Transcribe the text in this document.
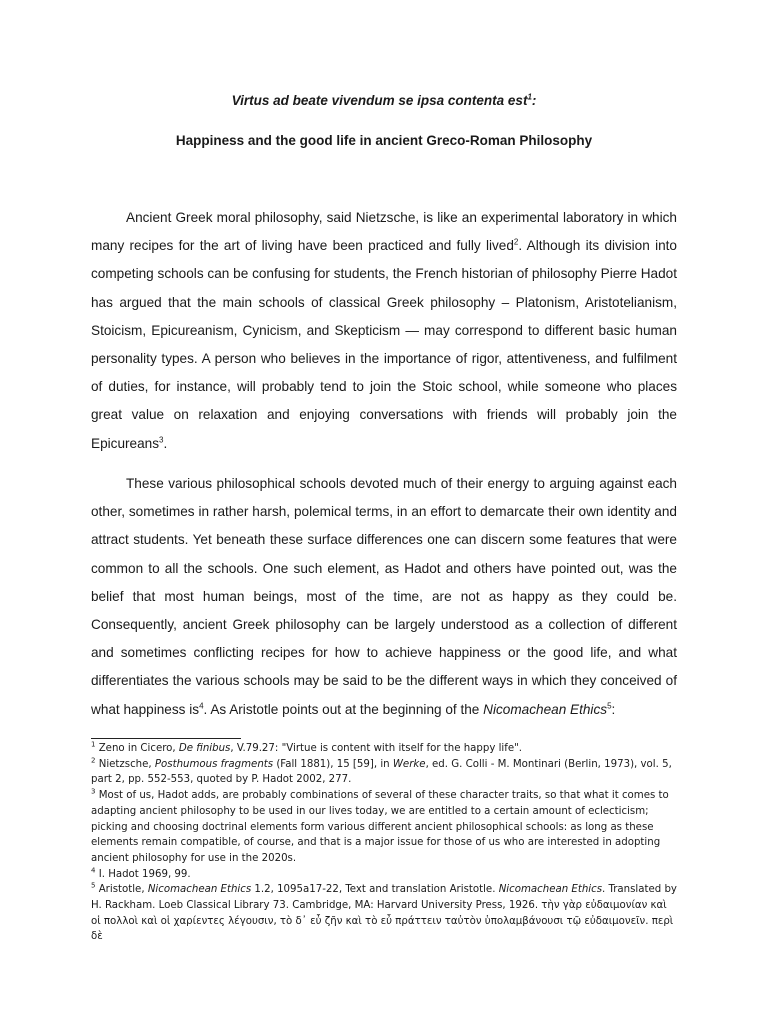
Virtus ad beate vivendum se ipsa contenta est$^1$:
Happiness and the good life in ancient Greco-Roman Philosophy
Ancient Greek moral philosophy, said Nietzsche, is like an experimental laboratory in which many recipes for the art of living have been practiced and fully lived$^2$. Although its division into competing schools can be confusing for students, the French historian of philosophy Pierre Hadot has argued that the main schools of classical Greek philosophy – Platonism, Aristotelianism, Stoicism, Epicureanism, Cynicism, and Skepticism — may correspond to different basic human personality types. A person who believes in the importance of rigor, attentiveness, and fulfilment of duties, for instance, will probably tend to join the Stoic school, while someone who places great value on relaxation and enjoying conversations with friends will probably join the Epicureans$^3$.
These various philosophical schools devoted much of their energy to arguing against each other, sometimes in rather harsh, polemical terms, in an effort to demarcate their own identity and attract students. Yet beneath these surface differences one can discern some features that were common to all the schools. One such element, as Hadot and others have pointed out, was the belief that most human beings, most of the time, are not as happy as they could be. Consequently, ancient Greek philosophy can be largely understood as a collection of different and sometimes conflicting recipes for how to achieve happiness or the good life, and what differentiates the various schools may be said to be the different ways in which they conceived of what happiness $is^4$. As Aristotle points out at the beginning of the Nicomachean Ethics$^5$:

$^1$ Zeno in Cicero, De finibus, V.79.27: "Virtue is content with itself for the happy life".

$^2$ Nietzsche, Posthumous fragments (Fall 1881), 15 [59], in Werke, ed. G. Colli - M. Montinari (Berlin, 1973), vol. 5, part 2, pp. 552-553, quoted by P. Hadot 2002, 277.

$^3$ Most of us, Hadot adds, are probably combinations of several of these character traits, so that what it comes to adapting ancient philosophy to be used in our lives today, we are entitled to a certain amount of eclecticism; picking and choosing doctrinal elements form various different ancient philosophical schools: as long as these elements remain compatible, of course, and that is a major issue for those of us who are interested in adopting ancient philosophy for use in the 2020s.

$^4$ I. Hadot 1969, 99.

$^5$ Aristotle, Nicomachean Ethics 1.2, 1095a17-22, Text and translation Aristotle. Nicomachean Ethics. Translated by H. Rackham. Loeb Classical Library 73. Cambridge, MA: Harvard University Press, 1926. τὴν γὰρ εὐδαιμονίαν καὶ οἱ πολλοὶ καὶ οἱ χαρίεντες λέγουσιν, τὸ δ᾽ εὖ ζῆν καὶ τὸ εὖ πράττειν ταὐτὸν ὑπολαμβάνουσι τῷ εὐδαιμονεῖν. περὶ δὲ
